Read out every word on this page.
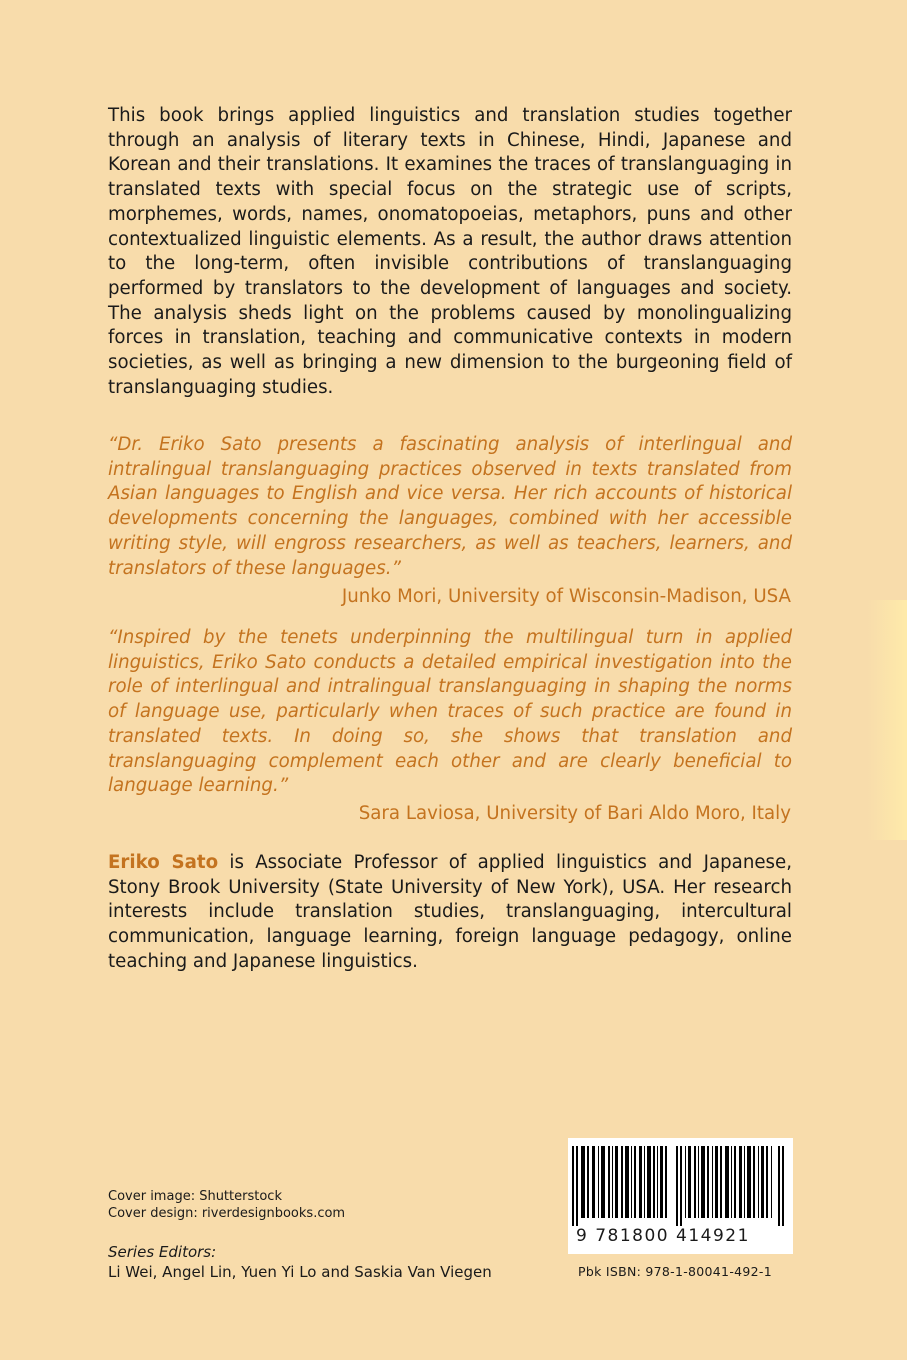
This book brings applied linguistics and translation studies together through an analysis of literary texts in Chinese, Hindi, Japanese and Korean and their translations. It examines the traces of translanguaging in translated texts with special focus on the strategic use of scripts, morphemes, words, names, onomatopoeias, metaphors, puns and other contextualized linguistic elements. As a result, the author draws attention to the long-term, often invisible contributions of translanguaging performed by translators to the development of languages and society. The analysis sheds light on the problems caused by monolingualizing forces in translation, teaching and communicative contexts in modern societies, as well as bringing a new dimension to the burgeoning field of translanguaging studies.

“Dr. Eriko Sato presents a fascinating analysis of interlingual and intralingual translanguaging practices observed in texts translated from Asian languages to English and vice versa. Her rich accounts of historical developments concerning the languages, combined with her accessible writing style, will engross researchers, as well as teachers, learners, and translators of these languages.”

Junko Mori, University of Wisconsin-Madison, USA

“Inspired by the tenets underpinning the multilingual turn in applied linguistics, Eriko Sato conducts a detailed empirical investigation into the role of interlingual and intralingual translanguaging in shaping the norms of language use, particularly when traces of such practice are found in translated texts. In doing so, she shows that translation and translanguaging complement each other and are clearly beneficial to language learning.”

Sara Laviosa, University of Bari Aldo Moro, Italy

Eriko Sato is Associate Professor of applied linguistics and Japanese, Stony Brook University (State University of New York), USA. Her research interests include translation studies, translanguaging, intercultural communication, language learning, foreign language pedagogy, online teaching and Japanese linguistics.

Cover image: Shutterstock
Cover design: riverdesignbooks.com
Series Editors:
Li Wei, Angel Lin, Yuen Yi Lo and Saskia Van Viegen
9 781800 414921
Pbk ISBN: 978-1-80041-492-1
